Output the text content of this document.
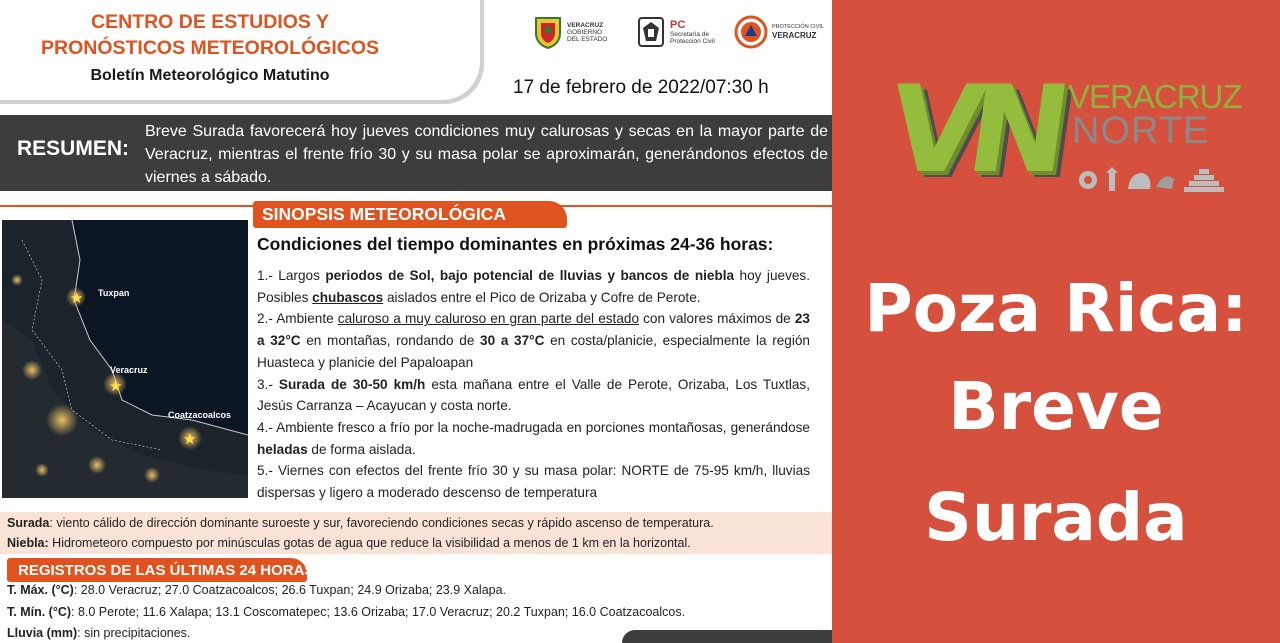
CENTRO DE ESTUDIOS Y
PRONÓSTICOS METEOROLÓGICOS
Boletín Meteorológico Matutino
VERACRUZ
GOBIERNO
DEL ESTADO
PC
Secretaría de
Protección Civil
PROTECCIÓN CIVIL
VERACRUZ
17 de febrero de 2022/07:30 h
RESUMEN:
Breve Surada favorecerá hoy jueves condiciones muy calurosas y secas en la mayor parte de Veracruz, mientras el frente frío 30 y su masa polar se aproximarán, generándonos efectos de viernes a sábado.
SINOPSIS METEOROLÓGICA
★
★
★
Tuxpan
Veracruz
Coatzacoalcos
Condiciones del tiempo dominantes en próximas 24-36 horas:
1.- Largos periodos de Sol, bajo potencial de lluvias y bancos de niebla hoy jueves. Posibles chubascos aislados entre el Pico de Orizaba y Cofre de Perote.
2.- Ambiente caluroso a muy caluroso en gran parte del estado con valores máximos de 23 a 32°C en montañas, rondando de 30 a 37°C en costa/planicie, especialmente la región Huasteca y planicie del Papaloapan
3.- Surada de 30-50 km/h esta mañana entre el Valle de Perote, Orizaba, Los Tuxtlas, Jesús Carranza – Acayucan y costa norte.
4.- Ambiente fresco a frío por la noche-madrugada en porciones montañosas, generándose heladas de forma aislada.
5.- Viernes con efectos del frente frío 30 y su masa polar: NORTE de 75-95 km/h, lluvias dispersas y ligero a moderado descenso de temperatura
Surada: viento cálido de dirección dominante suroeste y sur, favoreciendo condiciones secas y rápido ascenso de temperatura.
Niebla: Hidrometeoro compuesto por minúsculas gotas de agua que reduce la visibilidad a menos de 1 km en la horizontal.
REGISTROS DE LAS ÚLTIMAS 24 HORAS
T. Máx. (°C): 28.0 Veracruz; 27.0 Coatzacoalcos; 26.6 Tuxpan; 24.9 Orizaba; 23.9 Xalapa.
T. Mín. (°C): 8.0 Perote; 11.6 Xalapa; 13.1 Coscomatepec; 13.6 Orizaba; 17.0 Veracruz; 20.2 Tuxpan; 16.0 Coatzacoalcos.
Lluvia (mm): sin precipitaciones.
VN VERACRUZ
NORTE
Poza Rica:
Breve
Surada
